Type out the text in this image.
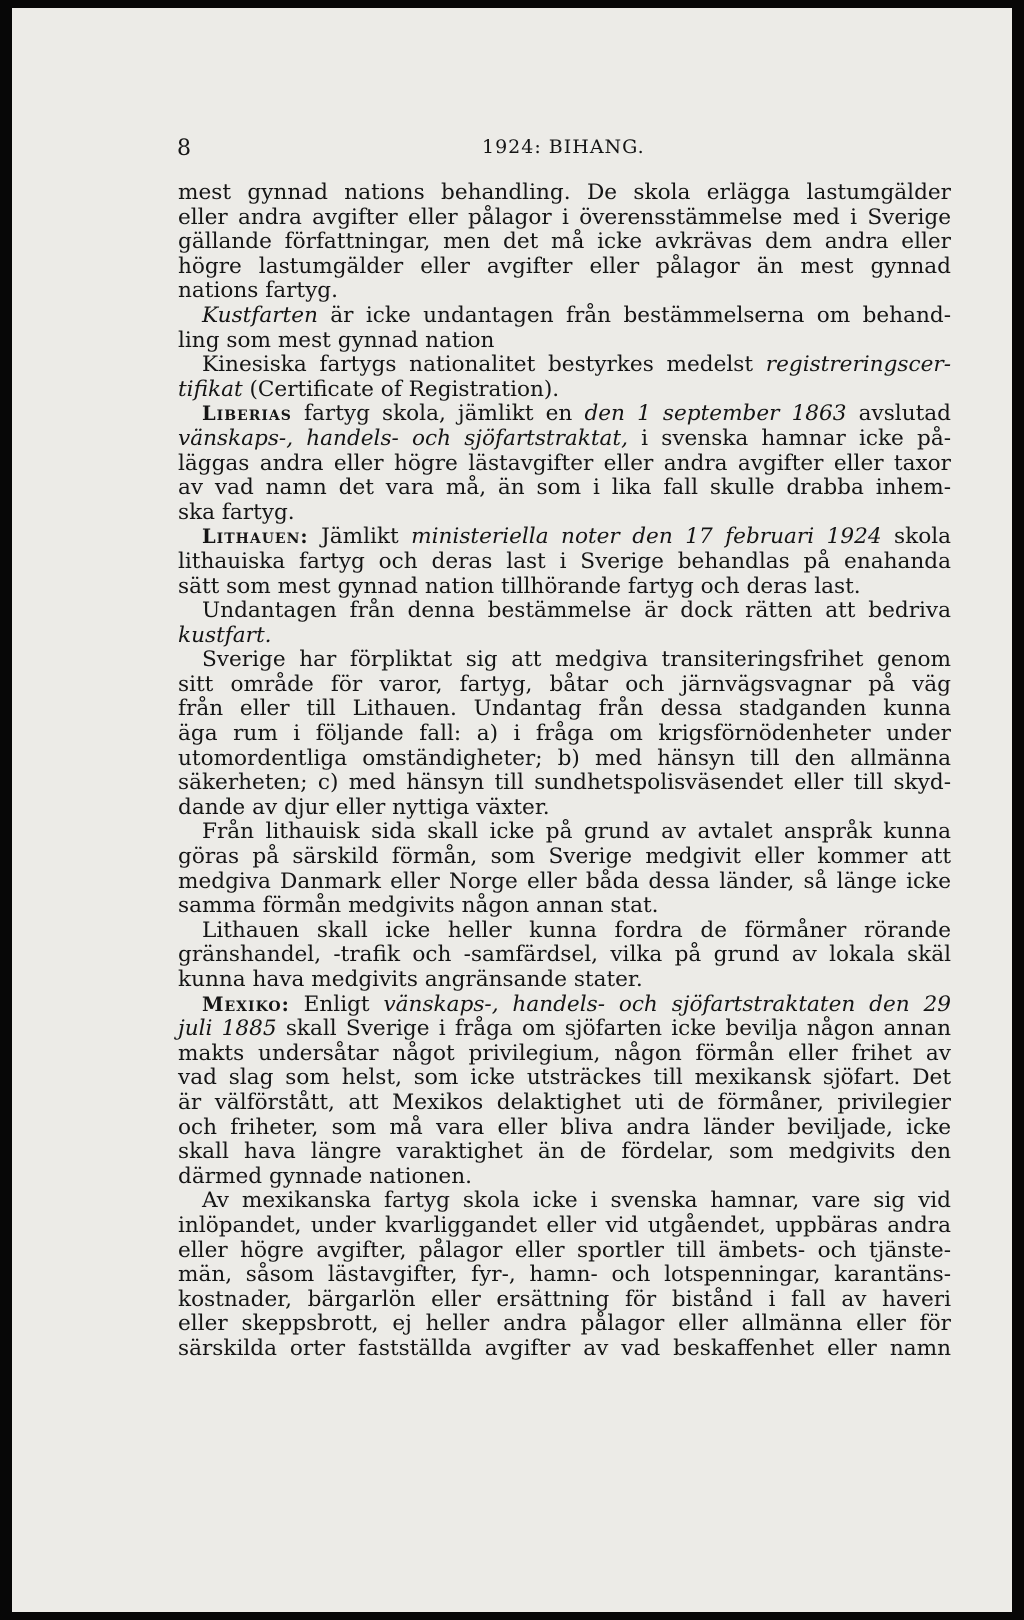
8	1924: BIHANG.
mest gynnad nations behandling. De skola erlägga lastumgälder
eller andra avgifter eller pålagor i överensstämmelse med i Sverige
gällande författningar, men det må icke avkrävas dem andra eller
högre lastumgälder eller avgifter eller pålagor än mest gynnad
nations fartyg.
Kustfarten är icke undantagen från bestämmelserna om behand-
ling som mest gynnad nation
Kinesiska fartygs nationalitet bestyrkes medelst registreringscer-
tifikat (Certificate of Registration).
Liberias fartyg skola, jämlikt en den 1 september 1863 avslutad
vänskaps-, handels- och sjöfartstraktat, i svenska hamnar icke på-
läggas andra eller högre lästavgifter eller andra avgifter eller taxor
av vad namn det vara må, än som i lika fall skulle drabba inhem-
ska fartyg.
Lithauen: Jämlikt ministeriella noter den 17 februari 1924 skola
lithauiska fartyg och deras last i Sverige behandlas på enahanda
sätt som mest gynnad nation tillhörande fartyg och deras last.
Undantagen från denna bestämmelse är dock rätten att bedriva
kustfart.
Sverige har förpliktat sig att medgiva transiteringsfrihet genom
sitt område för varor, fartyg, båtar och järnvägsvagnar på väg
från eller till Lithauen. Undantag från dessa stadganden kunna
äga rum i följande fall: a) i fråga om krigsförnödenheter under
utomordentliga omständigheter; b) med hänsyn till den allmänna
säkerheten; c) med hänsyn till sundhetspolisväsendet eller till skyd-
dande av djur eller nyttiga växter.
Från lithauisk sida skall icke på grund av avtalet anspråk kunna
göras på särskild förmån, som Sverige medgivit eller kommer att
medgiva Danmark eller Norge eller båda dessa länder, så länge icke
samma förmån medgivits någon annan stat.
Lithauen skall icke heller kunna fordra de förmåner rörande
gränshandel, -trafik och -samfärdsel, vilka på grund av lokala skäl
kunna hava medgivits angränsande stater.
Mexiko: Enligt vänskaps-, handels- och sjöfartstraktaten den 29
juli 1885 skall Sverige i fråga om sjöfarten icke bevilja någon annan
makts undersåtar något privilegium, någon förmån eller frihet av
vad slag som helst, som icke utsträckes till mexikansk sjöfart. Det
är välförstått, att Mexikos delaktighet uti de förmåner, privilegier
och friheter, som må vara eller bliva andra länder beviljade, icke
skall hava längre varaktighet än de fördelar, som medgivits den
därmed gynnade nationen.
Av mexikanska fartyg skola icke i svenska hamnar, vare sig vid
inlöpandet, under kvarliggandet eller vid utgåendet, uppbäras andra
eller högre avgifter, pålagor eller sportler till ämbets- och tjänste-
män, såsom lästavgifter, fyr-, hamn- och lotspenningar, karantäns-
kostnader, bärgarlön eller ersättning för bistånd i fall av haveri
eller skeppsbrott, ej heller andra pålagor eller allmänna eller för
särskilda orter fastställda avgifter av vad beskaffenhet eller namn
